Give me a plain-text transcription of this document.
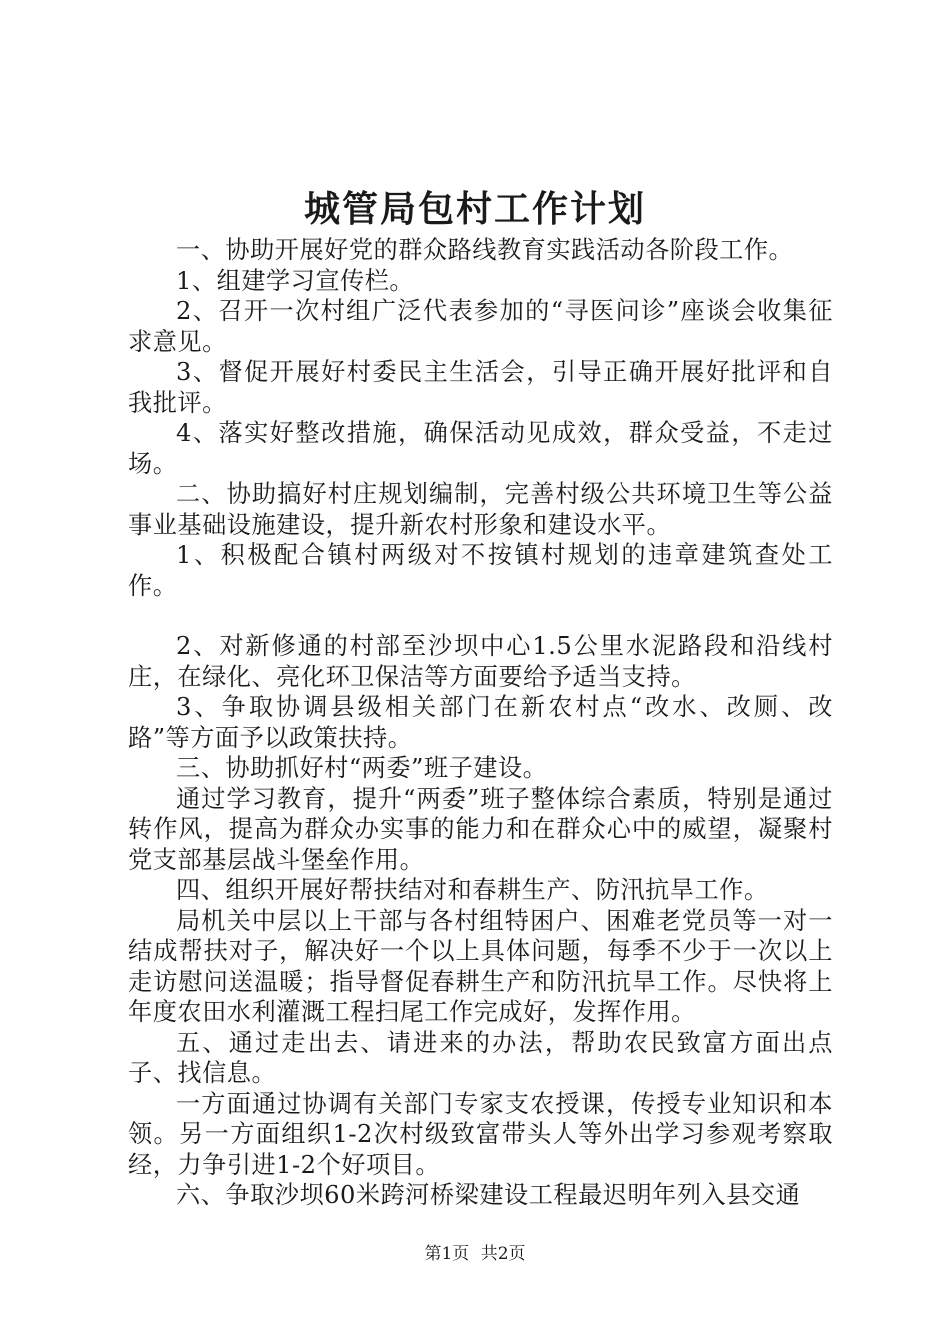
城管局包村工作计划

一、协助开展好党的群众路线教育实践活动各阶段工作。

1、组建学习宣传栏。

2、召开一次村组广泛代表参加的“寻医问诊”座谈会收集征求意见。

3、督促开展好村委民主生活会，引导正确开展好批评和自我批评。

4、落实好整改措施，确保活动见成效，群众受益，不走过场。

二、协助搞好村庄规划编制，完善村级公共环境卫生等公益事业基础设施建设，提升新农村形象和建设水平。

1、积极配合镇村两级对不按镇村规划的违章建筑查处工作。

2、对新修通的村部至沙坝中心1.5公里水泥路段和沿线村庄，在绿化、亮化环卫保洁等方面要给予适当支持。

3、争取协调县级相关部门在新农村点“改水、改厕、改路”等方面予以政策扶持。

三、协助抓好村“两委”班子建设。

通过学习教育，提升“两委”班子整体综合素质，特别是通过转作风，提高为群众办实事的能力和在群众心中的威望，凝聚村党支部基层战斗堡垒作用。

四、组织开展好帮扶结对和春耕生产、防汛抗旱工作。

局机关中层以上干部与各村组特困户、困难老党员等一对一结成帮扶对子，解决好一个以上具体问题，每季不少于一次以上走访慰问送温暖；指导督促春耕生产和防汛抗旱工作。尽快将上年度农田水利灌溉工程扫尾工作完成好，发挥作用。

五、通过走出去、请进来的办法，帮助农民致富方面出点子、找信息。

一方面通过协调有关部门专家支农授课，传授专业知识和本领。另一方面组织1-2次村级致富带头人等外出学习参观考察取经，力争引进1-2个好项目。

六、争取沙坝60米跨河桥梁建设工程最迟明年列入县交通

第1页 共2页
